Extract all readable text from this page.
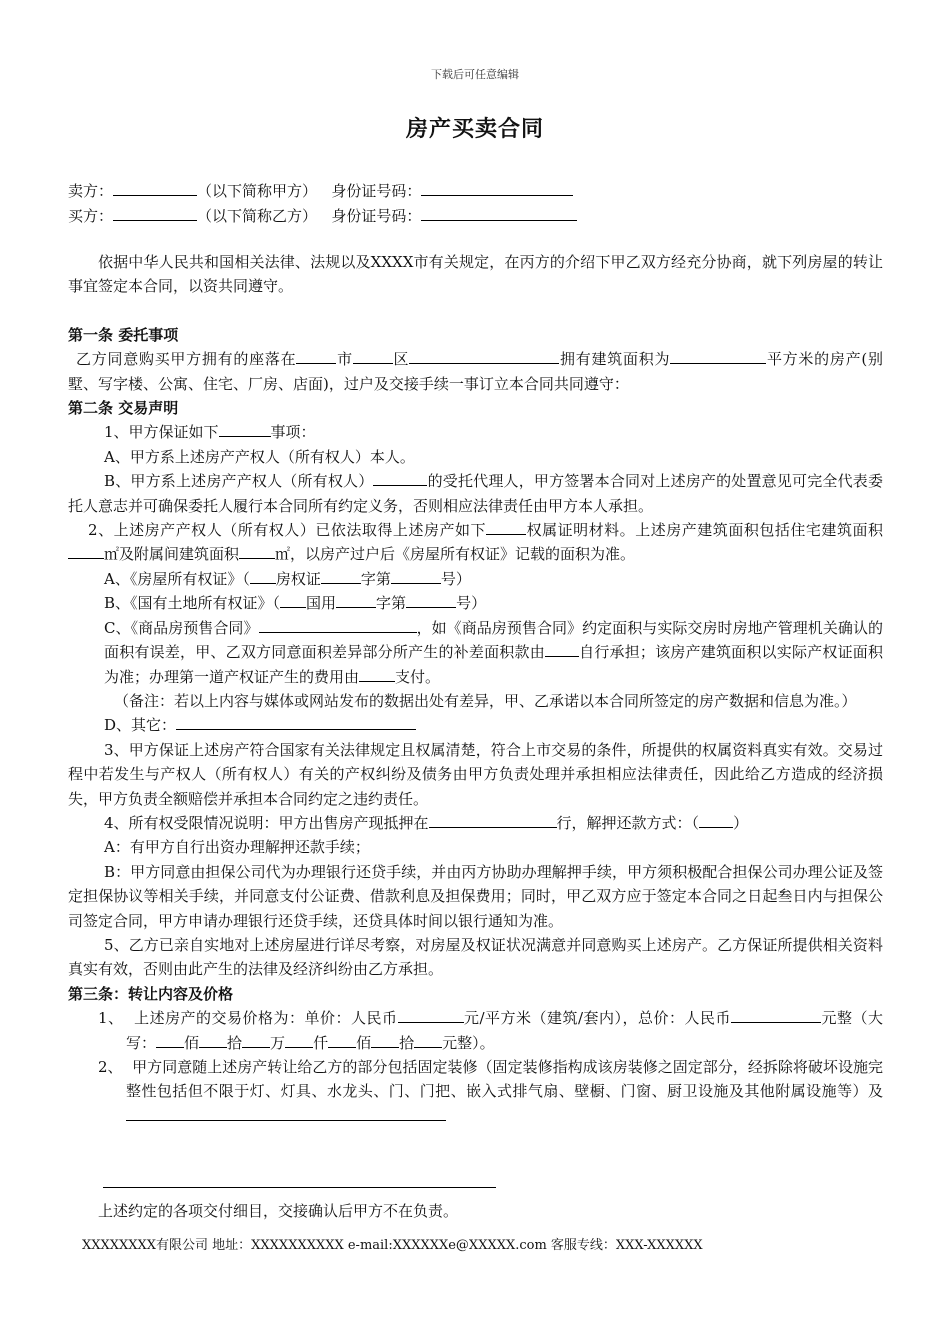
下载后可任意编辑
房产买卖合同
卖方：	（以下简称甲方） 身份证号码：
买方：	（以下简称乙方） 身份证号码：

依据中华人民共和国相关法律、法规以及XXXX市有关规定，在丙方的介绍下甲乙双方经充分协商，就下列房屋的转让事宜签定本合同，以资共同遵守。

第一条 委托事项

乙方同意购买甲方拥有的座落在	市	区	拥有建筑面积为	平方米的房产(别墅、写字楼、公寓、住宅、厂房、店面)，过户及交接手续一事订立本合同共同遵守：

第二条 交易声明

1、甲方保证如下	事项：

A、甲方系上述房产产权人（所有权人）本人。

B、甲方系上述房产产权人（所有权人）	的受托代理人，甲方签署本合同对上述房产的处置意见可完全代表委托人意志并可确保委托人履行本合同所有约定义务，否则相应法律责任由甲方本人承担。

2、上述房产产权人（所有权人）已依法取得上述房产如下	权属证明材料。上述房产建筑面积包括住宅建筑面积㎡及附属间建筑面积 ㎡，以房产过户后《房屋所有权证》记载的面积为准。

A、《房屋所有权证》（ 房权证	字第	号）

B、《国有土地所有权证》（ 国用	字第	号）

C、《商品房预售合同》	，如《商品房预售合同》约定面积与实际交房时房地产管理机关确认的面积有误差，甲、乙双方同意面积差异部分所产生的补差面积款由 自行承担；该房产建筑面积以实际产权证面积为准；办理第一道产权证产生的费用由 支付。

（备注：若以上内容与媒体或网站发布的数据出处有差异，甲、乙承诺以本合同所签定的房产数据和信息为准。）

D、其它：

3、甲方保证上述房产符合国家有关法律规定且权属清楚，符合上市交易的条件，所提供的权属资料真实有效。交易过程中若发生与产权人（所有权人）有关的产权纠纷及债务由甲方负责处理并承担相应法律责任，因此给乙方造成的经济损失，甲方负责全额赔偿并承担本合同约定之违约责任。

4、所有权受限情况说明：甲方出售房产现抵押在	行，解押还款方式：（ ）

A：有甲方自行出资办理解押还款手续；

B：甲方同意由担保公司代为办理银行还贷手续，并由丙方协助办理解押手续，甲方须积极配合担保公司办理公证及签定担保协议等相关手续，并同意支付公证费、借款利息及担保费用；同时，甲乙双方应于签定本合同之日起叁日内与担保公司签定合同，甲方申请办理银行还贷手续，还贷具体时间以银行通知为准。

5、乙方已亲自实地对上述房屋进行详尽考察，对房屋及权证状况满意并同意购买上述房产。乙方保证所提供相关资料真实有效，否则由此产生的法律及经济纠纷由乙方承担。

第三条：转让内容及价格

1、 上述房产的交易价格为：单价：人民币	元/平方米（建筑/套内），总价：人民币	元整（大写： 佰 拾 万 仟 佰 拾 元整）。

2、 甲方同意随上述房产转让给乙方的部分包括固定装修（固定装修指构成该房装修之固定部分，经拆除将破坏设施完整性包括但不限于灯、灯具、水龙头、门、门把、嵌入式排气扇、壁橱、门窗、厨卫设施及其他附属设施等）及

上述约定的各项交付细目，交接确认后甲方不在负责。
XXXXXXXX有限公司 地址：XXXXXXXXXX e-mail:XXXXXXe@XXXXX.com 客服专线：XXX-XXXXXX
